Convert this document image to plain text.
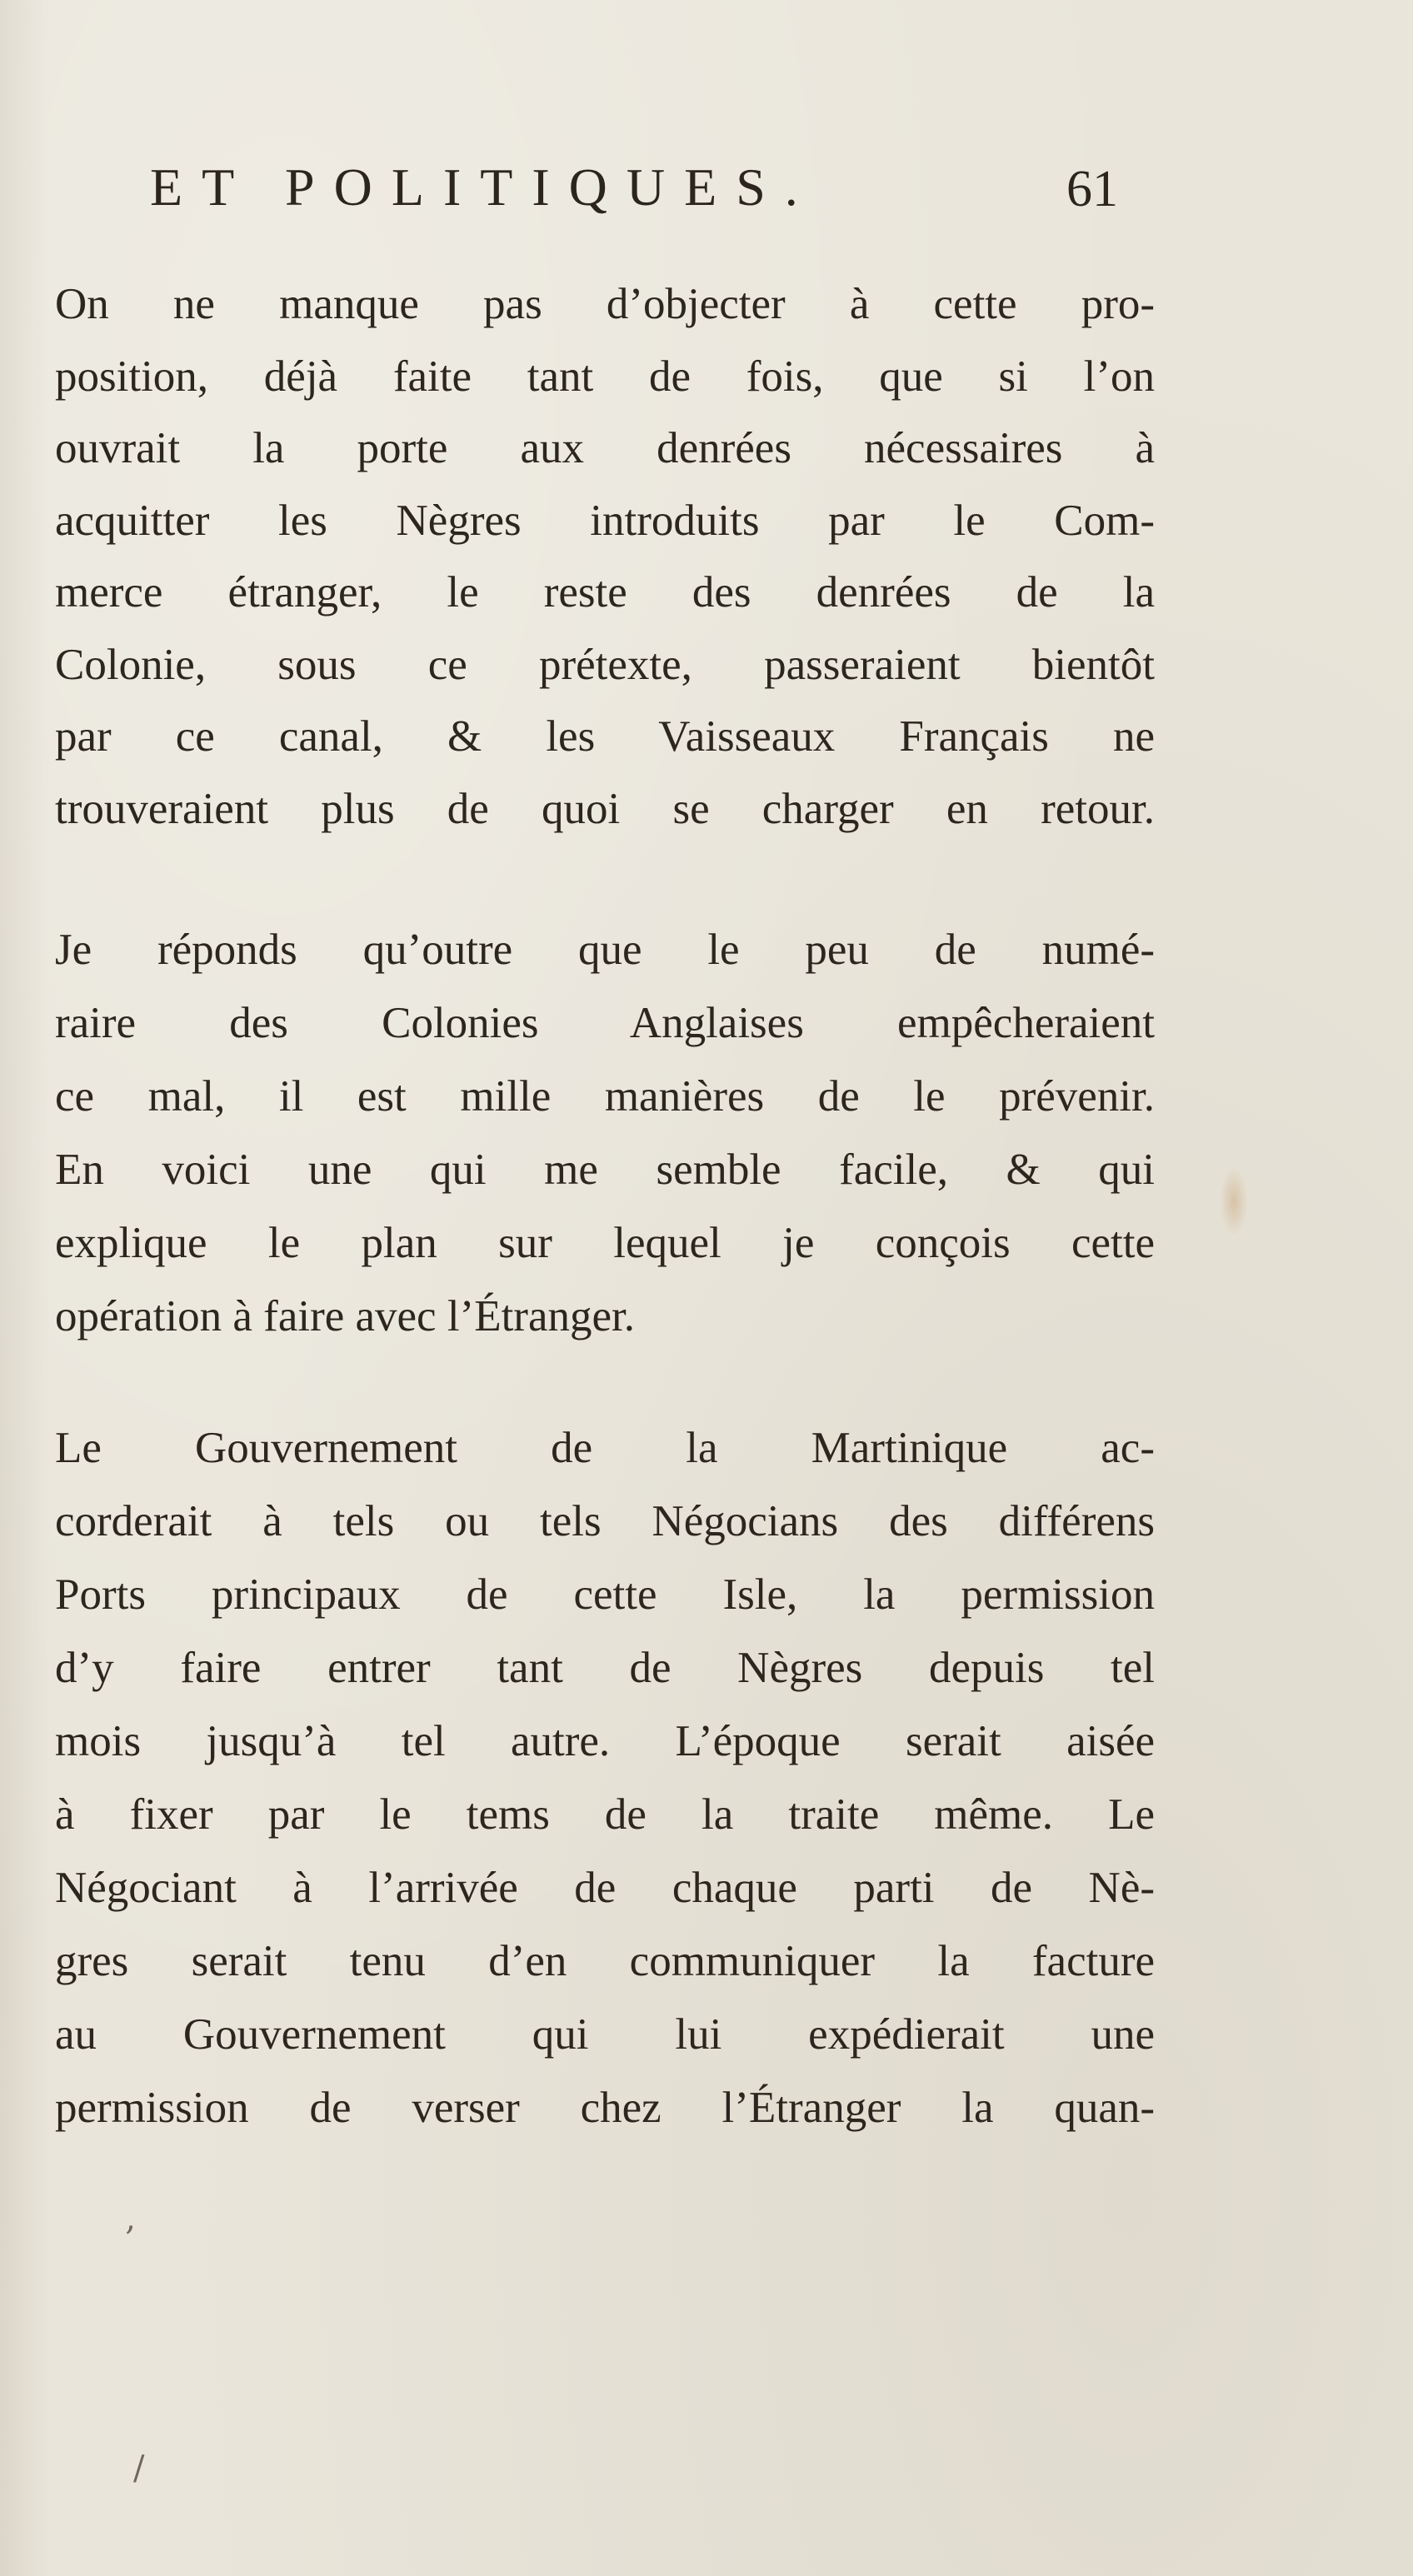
ET POLITIQUES.	61
On ne manque pas d’objecter à cette pro-
position, déjà faite tant de fois, que si l’on
ouvrait la porte aux denrées nécessaires à
acquitter les Nègres introduits par le Com-
merce étranger, le reste des denrées de la
Colonie, sous ce prétexte, passeraient bientôt
par ce canal, & les Vaisseaux Français ne
trouveraient plus de quoi se charger en retour.
Je réponds qu’outre que le peu de numé-
raire des Colonies Anglaises empêcheraient
ce mal, il est mille manières de le prévenir.
En voici une qui me semble facile, & qui
explique le plan sur lequel je conçois cette
opération à faire avec l’Étranger.
Le Gouvernement de la Martinique ac-
corderait à tels ou tels Négocians des différens
Ports principaux de cette Isle, la permission
d’y faire entrer tant de Nègres depuis tel
mois jusqu’à tel autre. L’époque serait aisée
à fixer par le tems de la traite même. Le
Négociant à l’arrivée de chaque parti de Nè-
gres serait tenu d’en communiquer la facture
au Gouvernement qui lui expédierait une
permission de verser chez l’Étranger la quan-
‚
/
